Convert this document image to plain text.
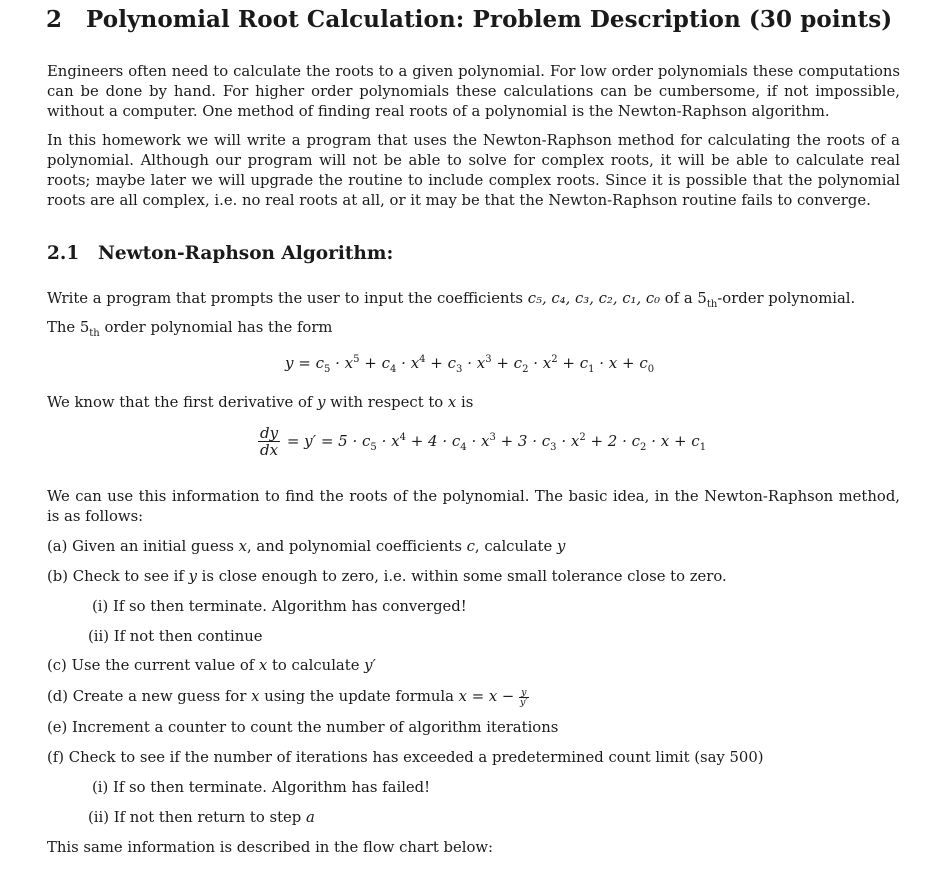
2 Polynomial Root Calculation: Problem Description (30 points)
Engineers often need to calculate the roots to a given polynomial. For low order polynomials these computations can be done by hand. For higher order polynomials these calculations can be cumbersome, if not impossible, without a computer. One method of finding real roots of a polynomial is the Newton-Raphson algorithm.
In this homework we will write a program that uses the Newton-Raphson method for calculating the roots of a polynomial. Although our program will not be able to solve for complex roots, it will be able to calculate real roots; maybe later we will upgrade the routine to include complex roots. Since it is possible that the polynomial roots are all complex, i.e. no real roots at all, or it may be that the Newton-Raphson routine fails to converge.
2.1 Newton-Raphson Algorithm:
Write a program that prompts the user to input the coefficients c₅, c₄, c₃, c₂, c₁, c₀ of a $5_{th}$-order polynomial.
The $5_{th}$ order polynomial has the form
$y = c_5 \cdot x^5 + c_4 \cdot x^4 + c_3 \cdot x^3 + c_2 \cdot x^2 + c_1 \cdot x + c_0$
We know that the first derivative of y with respect to x is
$\frac{dy}{dx} = y' = 5 \cdot c_5 \cdot x^4 + 4 \cdot c_4 \cdot x^3 + 3 \cdot c_3 \cdot x^2 + 2 \cdot c_2 \cdot x + c_1$
We can use this information to find the roots of the polynomial. The basic idea, in the Newton-Raphson method, is as follows:
(a) Given an initial guess x, and polynomial coefficients c, calculate y
(b) Check to see if y is close enough to zero, i.e. within some small tolerance close to zero.
(i) If so then terminate. Algorithm has converged!
(ii) If not then continue
(c) Use the current value of x to calculate y′
(d) Create a new guess for x using the update formula $x = x - \frac{y}{y'}$
(e) Increment a counter to count the number of algorithm iterations
(f) Check to see if the number of iterations has exceeded a predetermined count limit (say 500)
(i) If so then terminate. Algorithm has failed!
(ii) If not then return to step a
This same information is described in the flow chart below:
